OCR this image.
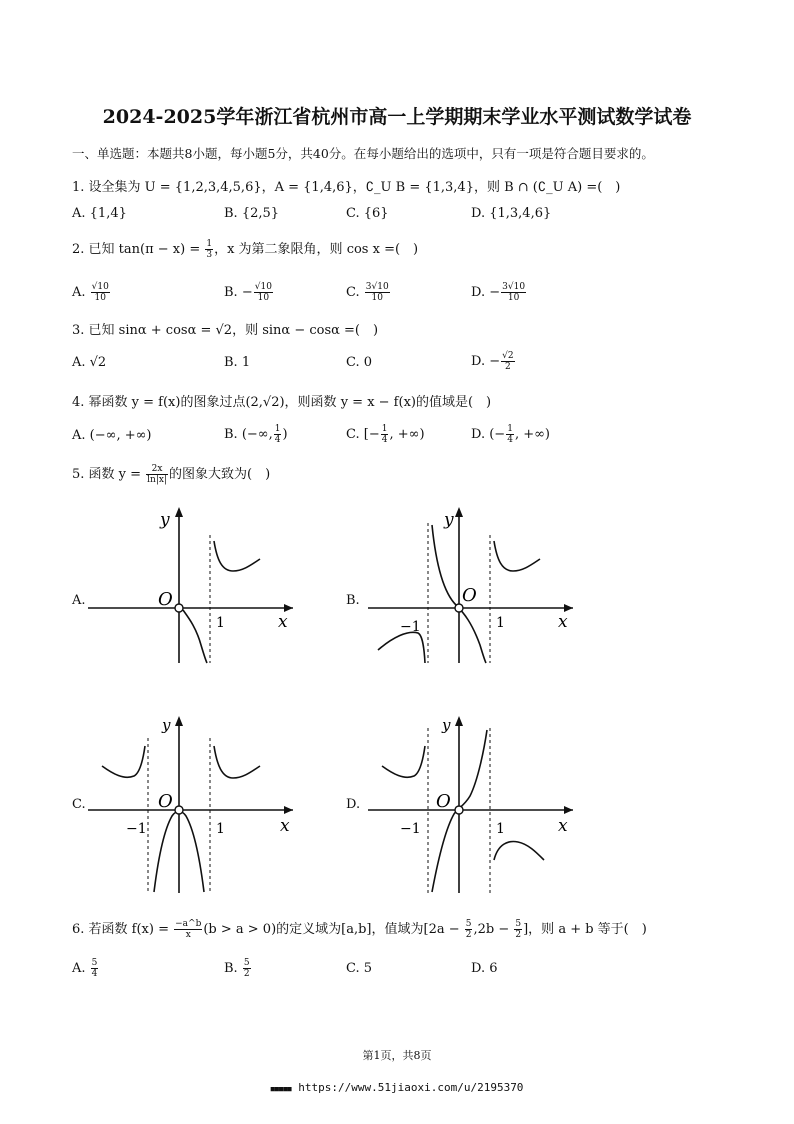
2024-2025学年浙江省杭州市高一上学期期末学业水平测试数学试卷
一、单选题：本题共8小题，每小题5分，共40分。在每小题给出的选项中，只有一项是符合题目要求的。
1. 设全集为 U = {1,2,3,4,5,6}，A = {1,4,6}，∁_U B = {1,3,4}，则 B ∩ (∁_U A) =(　)
A. {1,4}	B. {2,5}	C. {6}	D. {1,3,4,6}
2. 已知 $\tan(\pi - x) = \frac{1}{3}$ ，x 为第二象限角，则 cos x =(　)
A. $\frac{√10}{10}$	B. − $\frac{√10}{10}$	C. $\frac{3√10}{10}$	D. − $\frac{3√10}{10}$
3. 已知 sinα + cosα = √2，则 sinα − cosα =(　)
A. √2	B. 1	C. 0	D. − $\frac{√2}{2}$
4. 幂函数 y = f(x)的图象过点(2,√2)，则函数 y = x − f(x)的值域是(　)
A. (−∞, +∞)	B. (−∞, $\frac{1}{4}$ )	C. [− $\frac{1}{4}$ , +∞)	D. (− $\frac{1}{4}$ , +∞)
5. 函数 $y = \frac{2x}{\ln|x|}$ 的图象大致为(　)
A.	B.
C.	D.
y
O
1	x
y
O
−1	1	x
y
O
−1	1	x
y
O
−1	1	x
6. 若函数 $f(x) = \frac{-a\^{}b}{x} (b > a > 0)$的定义域为[a,b]，值域为[$2a - \frac{5}{2} ,2b - \frac{5}{2}$ ]，则 a + b 等于(　)
A. $\frac{5}{4}$	B. $\frac{5}{2}$	C. 5	D. 6
第1页，共8页
■■■■■ https://www.51jiaoxi.com/u/2195370
